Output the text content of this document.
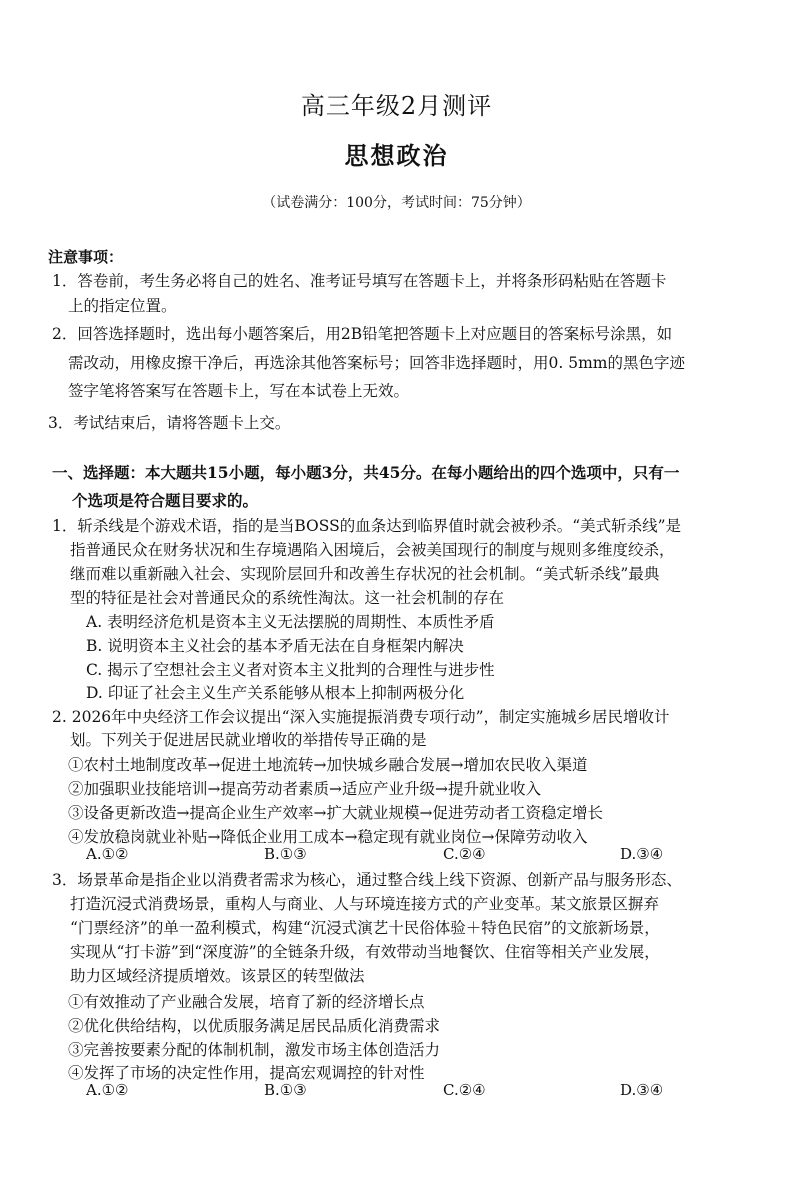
高三年级2月测评
思想政治
（试卷满分：100分，考试时间：75分钟）
注意事项：
1．答卷前，考生务必将自己的姓名、准考证号填写在答题卡上，并将条形码粘贴在答题卡
上的指定位置。
2．回答选择题时，选出每小题答案后，用2B铅笔把答题卡上对应题目的答案标号涂黑，如
需改动，用橡皮擦干净后，再选涂其他答案标号；回答非选择题时，用0. 5mm的黑色字迹
签字笔将答案写在答题卡上，写在本试卷上无效。
3．考试结束后，请将答题卡上交。
一、选择题：本大题共15小题，每小题3分，共45分。在每小题给出的四个选项中，只有一
个选项是符合题目要求的。
1．斩杀线是个游戏术语，指的是当BOSS的血条达到临界值时就会被秒杀。“美式斩杀线”是
指普通民众在财务状况和生存境遇陷入困境后，会被美国现行的制度与规则多维度绞杀，
继而难以重新融入社会、实现阶层回升和改善生存状况的社会机制。“美式斩杀线”最典
型的特征是社会对普通民众的系统性淘汰。这一社会机制的存在
A. 表明经济危机是资本主义无法摆脱的周期性、本质性矛盾
B. 说明资本主义社会的基本矛盾无法在自身框架内解决
C. 揭示了空想社会主义者对资本主义批判的合理性与进步性
D. 印证了社会主义生产关系能够从根本上抑制两极分化
2. 2026年中央经济工作会议提出“深入实施提振消费专项行动”，制定实施城乡居民增收计
划。下列关于促进居民就业增收的举措传导正确的是
①农村土地制度改革→促进土地流转→加快城乡融合发展→增加农民收入渠道
②加强职业技能培训→提高劳动者素质→适应产业升级→提升就业收入
③设备更新改造→提高企业生产效率→扩大就业规模→促进劳动者工资稳定增长
④发放稳岗就业补贴→降低企业用工成本→稳定现有就业岗位→保障劳动收入
A.①②	B.①③	C.②④	D.③④
3．场景革命是指企业以消费者需求为核心，通过整合线上线下资源、创新产品与服务形态、
打造沉浸式消费场景，重构人与商业、人与环境连接方式的产业变革。某文旅景区摒弃
“门票经济”的单一盈利模式，构建“沉浸式演艺十民俗体验＋特色民宿”的文旅新场景，
实现从“打卡游”到“深度游”的全链条升级，有效带动当地餐饮、住宿等相关产业发展，
助力区域经济提质增效。该景区的转型做法
①有效推动了产业融合发展，培育了新的经济增长点
②优化供给结构，以优质服务满足居民品质化消费需求
③完善按要素分配的体制机制，激发市场主体创造活力
④发挥了市场的决定性作用，提高宏观调控的针对性
A.①②	B.①③	C.②④	D.③④
